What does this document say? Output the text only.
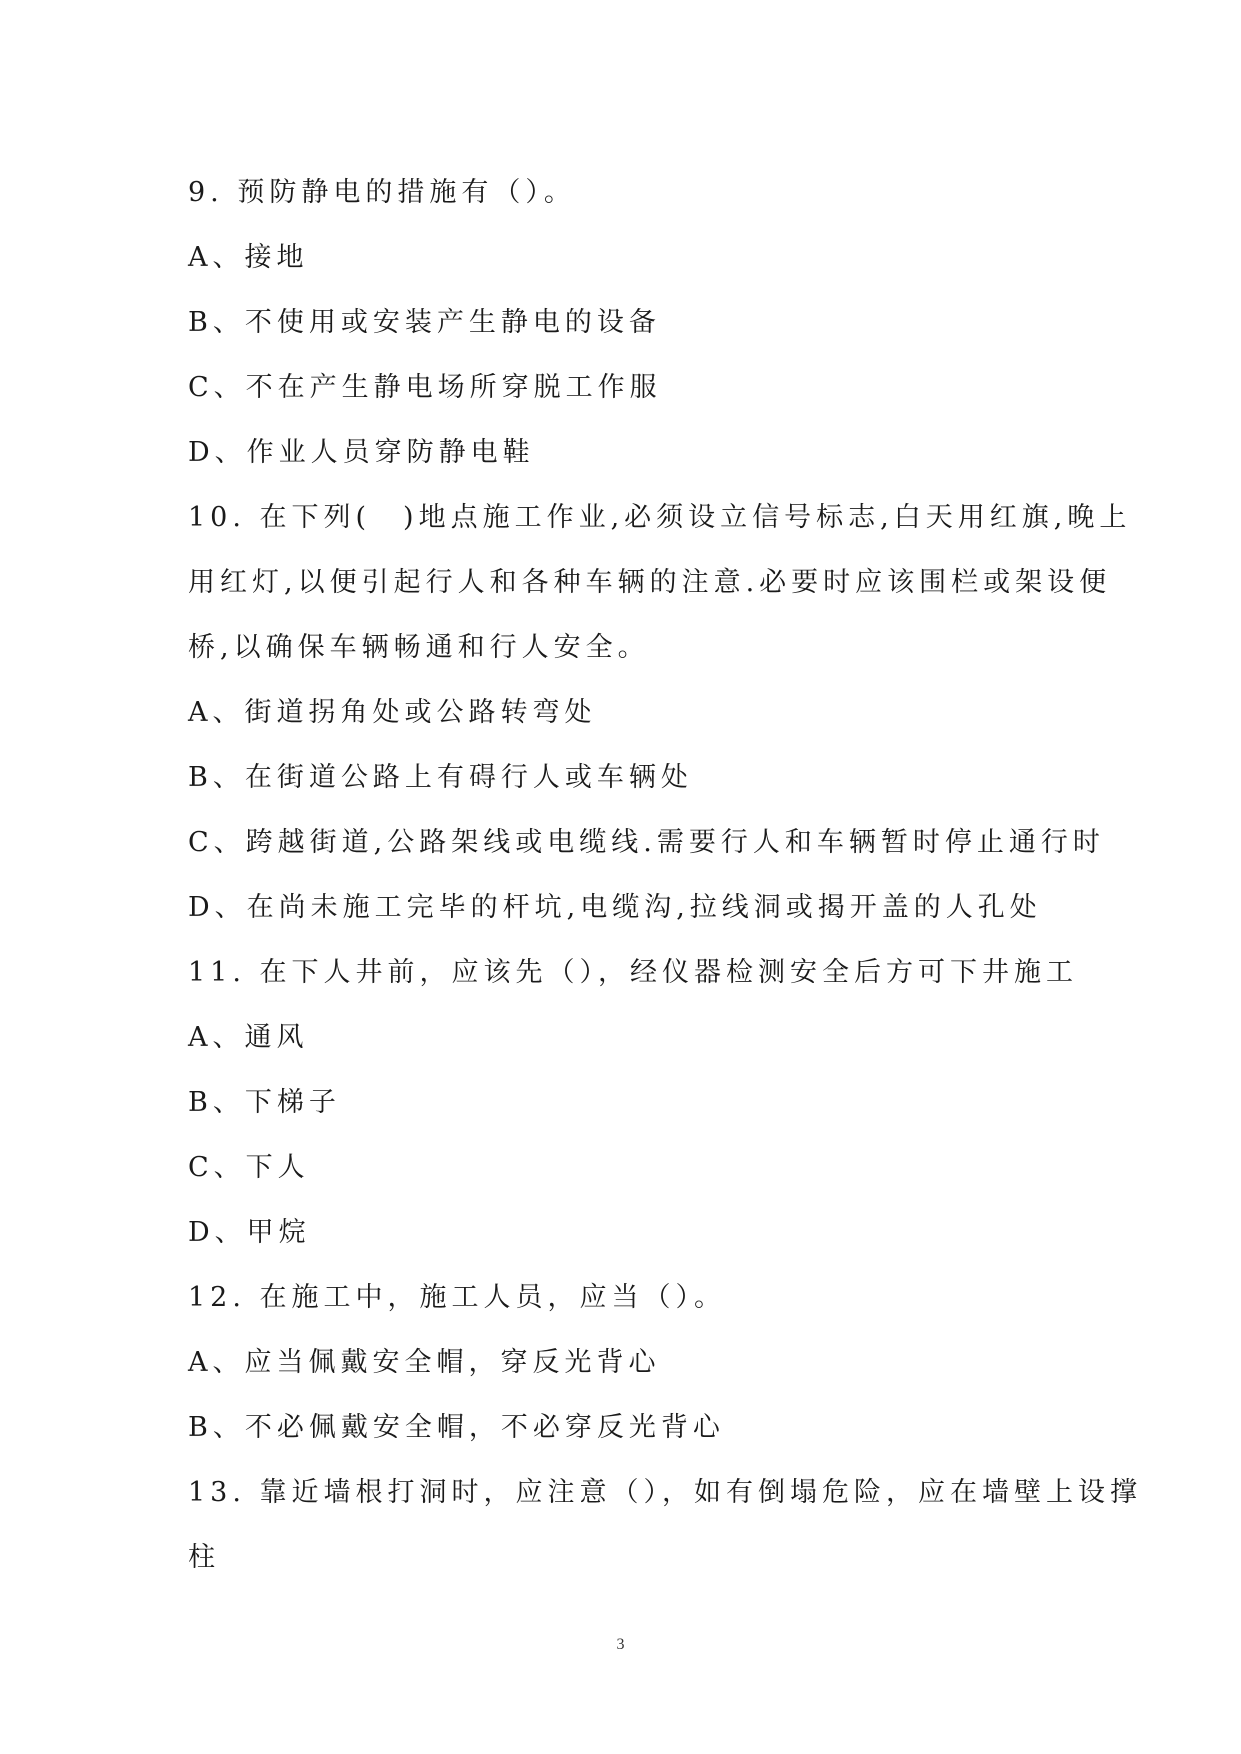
9. 预防静电的措施有（）。

A、接地

B、不使用或安装产生静电的设备

C、不在产生静电场所穿脱工作服

D、作业人员穿防静电鞋

10. 在下列(　)地点施工作业,必须设立信号标志,白天用红旗,晚上

用红灯,以便引起行人和各种车辆的注意.必要时应该围栏或架设便

桥,以确保车辆畅通和行人安全。

A、街道拐角处或公路转弯处

B、在街道公路上有碍行人或车辆处

C、跨越街道,公路架线或电缆线.需要行人和车辆暂时停止通行时

D、在尚未施工完毕的杆坑,电缆沟,拉线洞或揭开盖的人孔处

11. 在下人井前，应该先（），经仪器检测安全后方可下井施工

A、通风

B、下梯子

C、下人

D、甲烷

12. 在施工中，施工人员，应当（）。

A、应当佩戴安全帽，穿反光背心

B、不必佩戴安全帽，不必穿反光背心

13. 靠近墙根打洞时，应注意（），如有倒塌危险，应在墙壁上设撑

柱

3
